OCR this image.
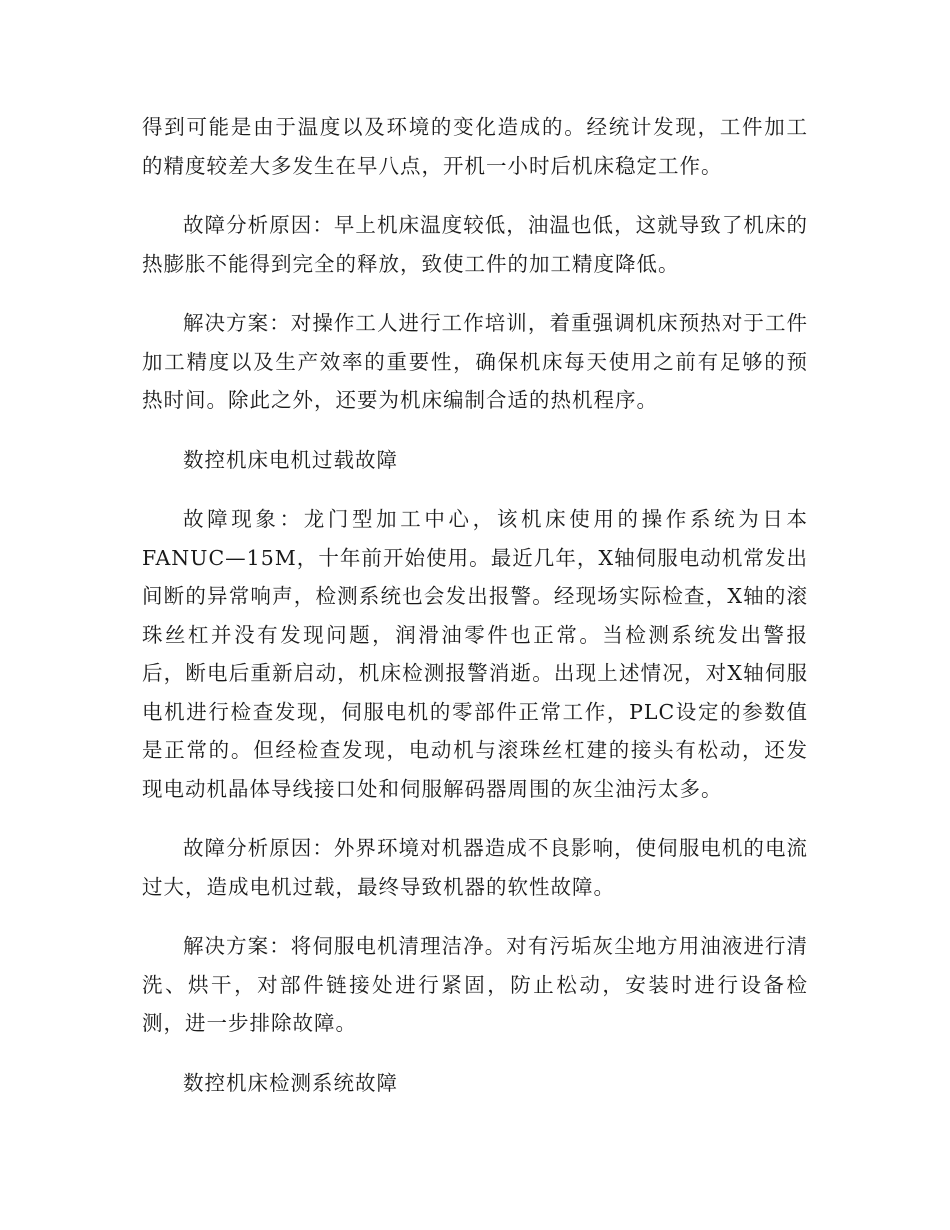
得到可能是由于温度以及环境的变化造成的。经统计发现，工件加工的精度较差大多发生在早八点，开机一小时后机床稳定工作。

故障分析原因：早上机床温度较低，油温也低，这就导致了机床的热膨胀不能得到完全的释放，致使工件的加工精度降低。

解决方案：对操作工人进行工作培训，着重强调机床预热对于工件加工精度以及生产效率的重要性，确保机床每天使用之前有足够的预热时间。除此之外，还要为机床编制合适的热机程序。

数控机床电机过载故障

故障现象：龙门型加工中心，该机床使用的操作系统为日本FANUC—15M，十年前开始使用。最近几年，X轴伺服电动机常发出间断的异常响声，检测系统也会发出报警。经现场实际检查，X轴的滚珠丝杠并没有发现问题，润滑油零件也正常。当检测系统发出警报后，断电后重新启动，机床检测报警消逝。出现上述情况，对X轴伺服电机进行检查发现，伺服电机的零部件正常工作，PLC设定的参数值是正常的。但经检查发现，电动机与滚珠丝杠建的接头有松动，还发现电动机晶体导线接口处和伺服解码器周围的灰尘油污太多。

故障分析原因：外界环境对机器造成不良影响，使伺服电机的电流过大，造成电机过载，最终导致机器的软性故障。

解决方案：将伺服电机清理洁净。对有污垢灰尘地方用油液进行清洗、烘干，对部件链接处进行紧固，防止松动，安装时进行设备检测，进一步排除故障。

数控机床检测系统故障
